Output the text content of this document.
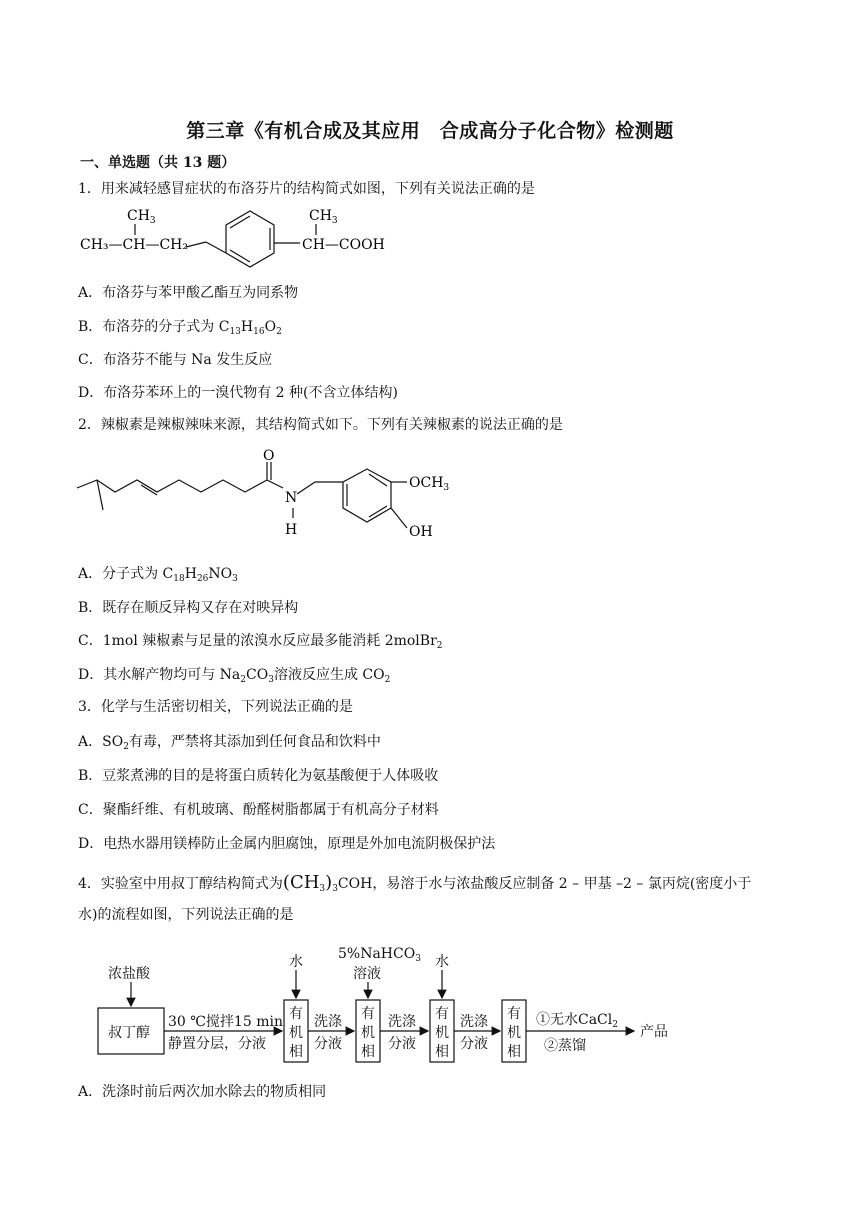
第三章《有机合成及其应用　合成高分子化合物》检测题
一、单选题（共 13 题）
1．用来减轻感冒症状的布洛芬片的结构简式如图，下列有关说法正确的是
$CH_3$
CH₃—CH—CH₂
$CH_3$
CH—COOH
A．布洛芬与苯甲酸乙酯互为同系物
B．布洛芬的分子式为 $C_{13}H_{16}O_2$
C．布洛芬不能与 Na 发生反应
D．布洛芬苯环上的一溴代物有 2 种(不含立体结构)
2．辣椒素是辣椒辣味来源，其结构简式如下。下列有关辣椒素的说法正确的是
O
N
H
$OCH_3$
OH
A．分子式为 $C_{18}H_{26}NO_3$
B．既存在顺反异构又存在对映异构
C．1mol 辣椒素与足量的浓溴水反应最多能消耗 2molBr$_2$
D．其水解产物均可与 $Na_2CO_3$溶液反应生成 $CO_2$
3．化学与生活密切相关，下列说法正确的是
A．$SO_2$有毒，严禁将其添加到任何食品和饮料中
B．豆浆煮沸的目的是将蛋白质转化为氨基酸便于人体吸收
C．聚酯纤维、有机玻璃、酚醛树脂都属于有机高分子材料
D．电热水器用镁棒防止金属内胆腐蚀，原理是外加电流阴极保护法
4．实验室中用叔丁醇结构简式为$(CH_3)_3COH$，易溶于水与浓盐酸反应制备 2 – 甲基 –2 – 氯丙烷(密度小于
水)的流程如图，下列说法正确的是
浓盐酸
叔丁醇
30 ℃搅拌15 min
静置分层，分液
水
有
机
相
洗涤
分液
5%NaHCO$_3$
溶液
有
机
相
洗涤
分液
水
有
机
相
洗涤
分液
有
机
相
①无水CaCl$_2$
②蒸馏
产品
A．洗涤时前后两次加水除去的物质相同
